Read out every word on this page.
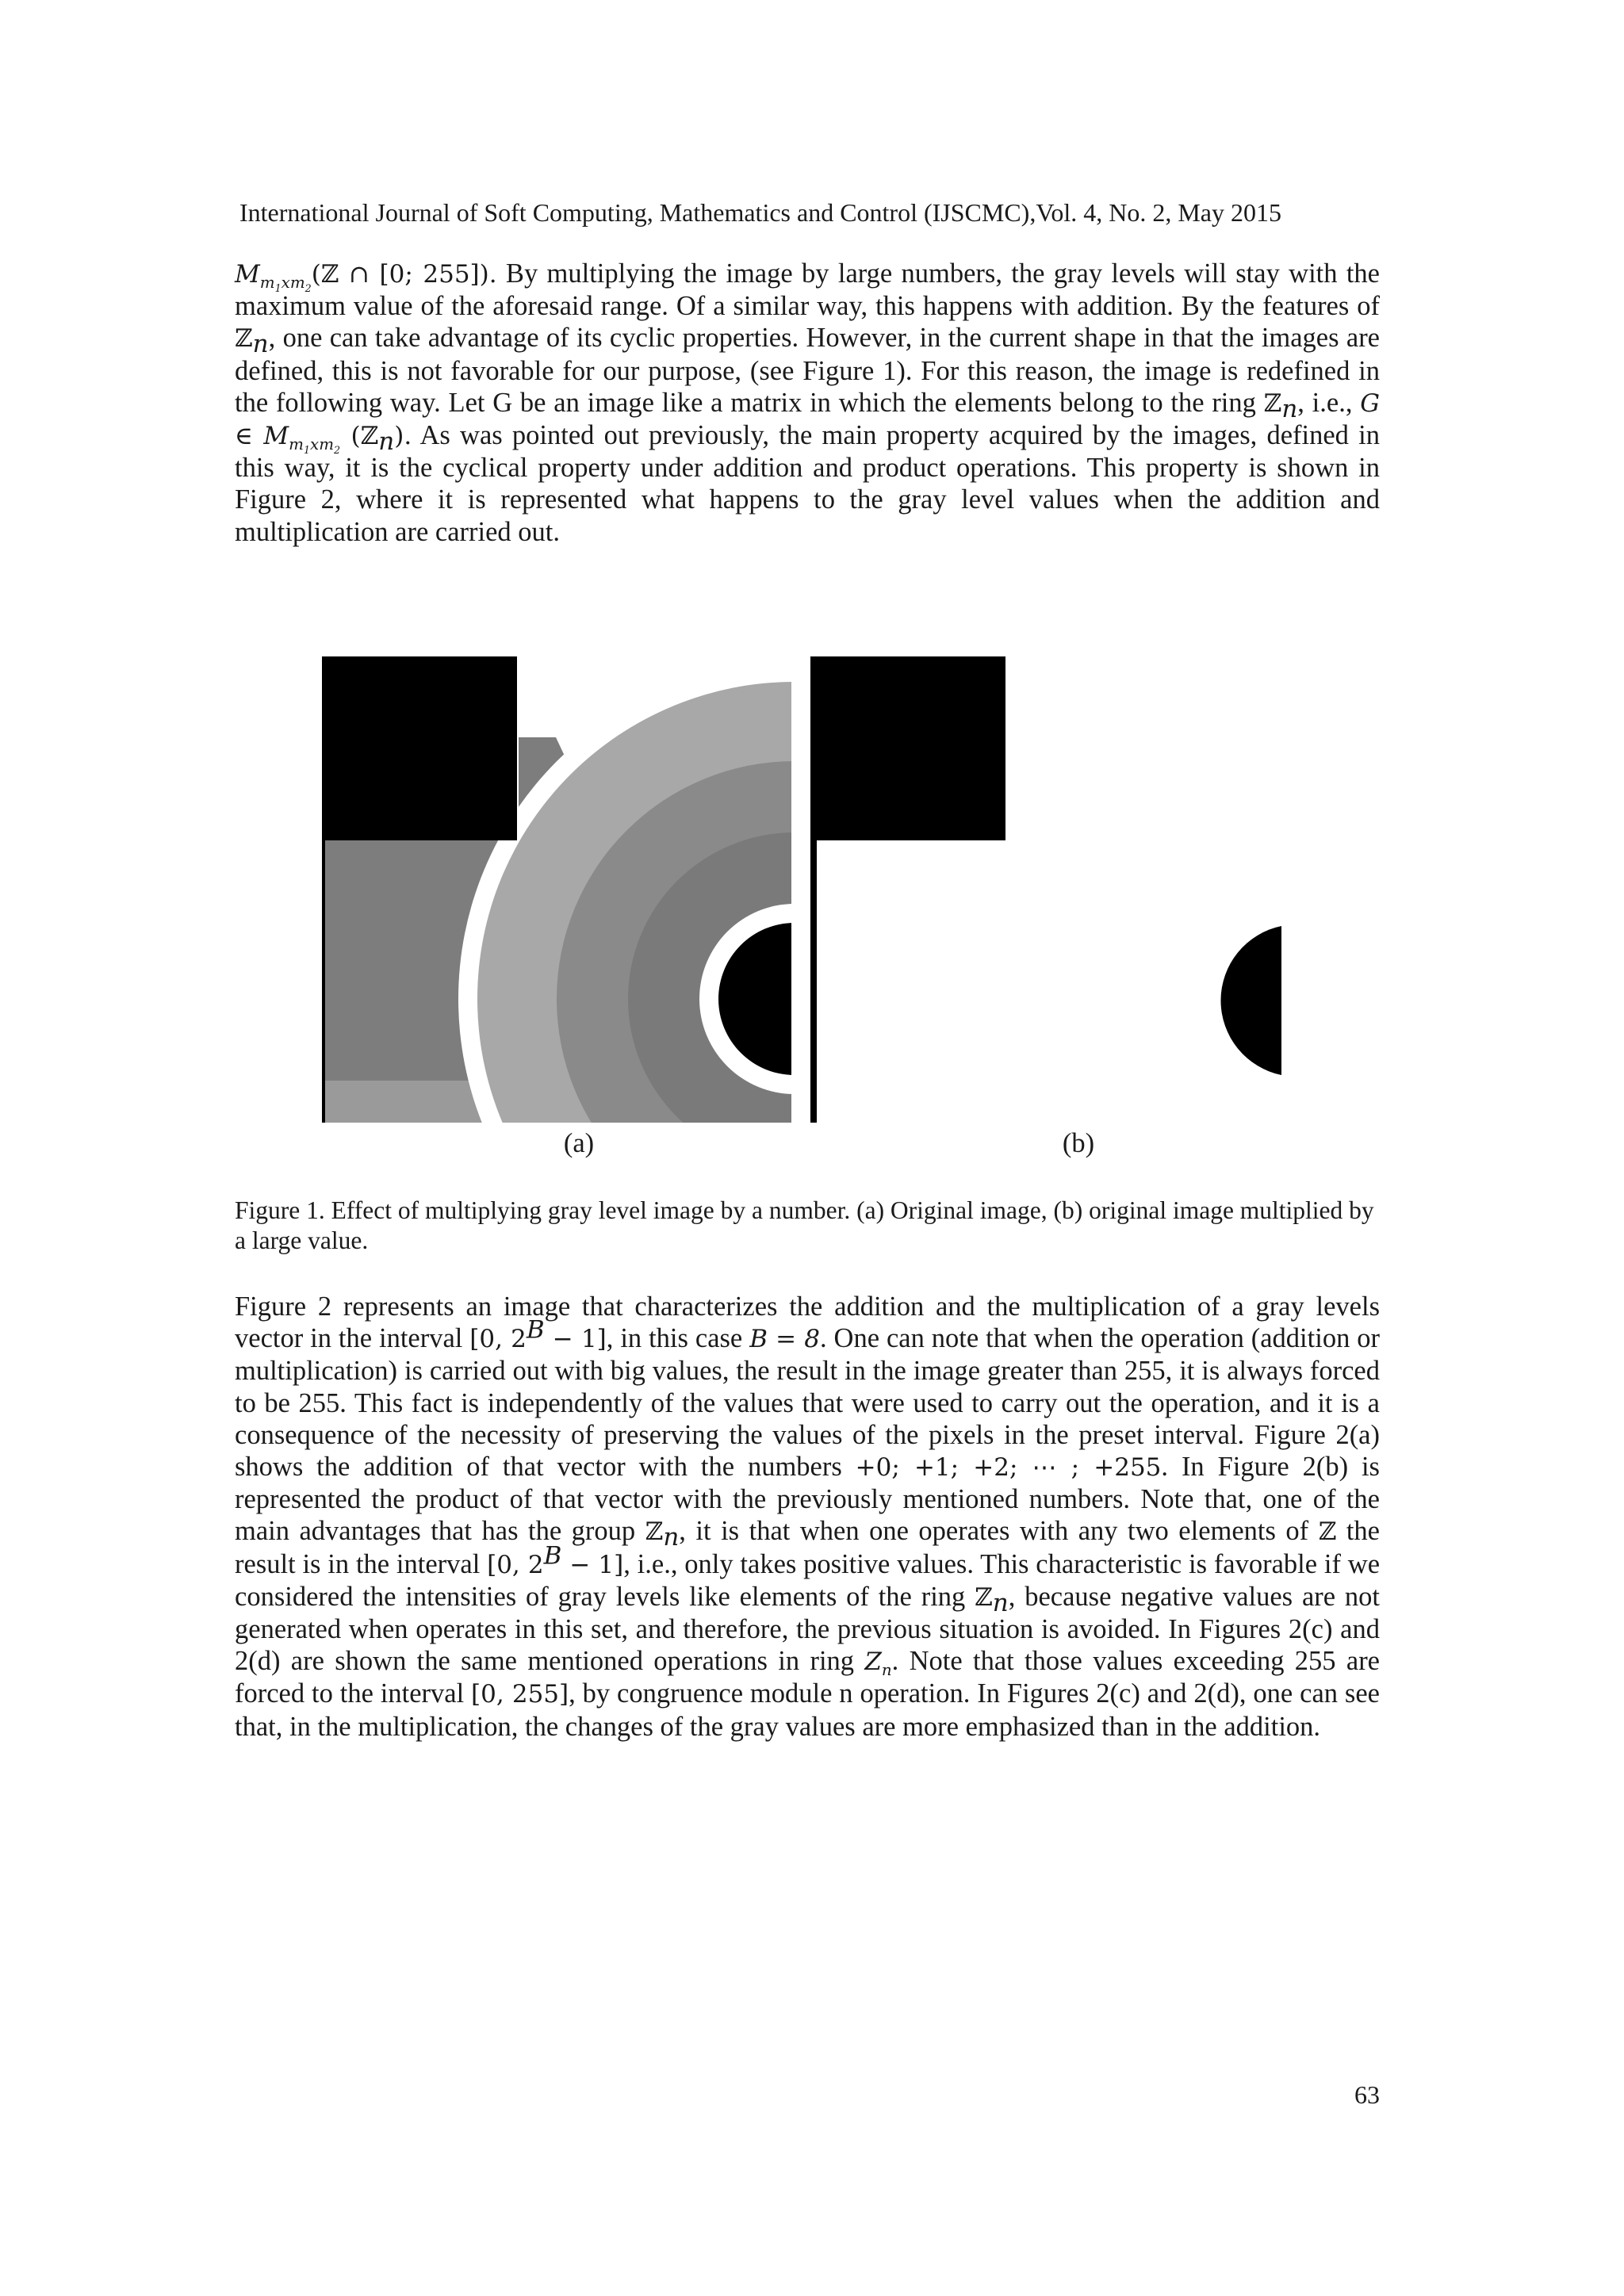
International Journal of Soft Computing, Mathematics and Control (IJSCMC),Vol. 4, No. 2, May 2015

$M_{m_1xm_2}(ℤ$ ∩ [0; 255]). By multiplying the image by large numbers, the gray levels will stay with the maximum value of the aforesaid range. Of a similar way, this happens with addition. By the features of ℤ$_n$, one can take advantage of its cyclic properties. However, in the current shape in that the images are defined, this is not favorable for our purpose, (see Figure 1). For this reason, the image is redefined in the following way. Let G be an image like a matrix in which the elements belong to the ring ℤ$_n$, i.e., G ∈ $M_{m_1xm_2}$ (ℤ$_n$). As was pointed out previously, the main property acquired by the images, defined in this way, it is the cyclical property under addition and product operations. This property is shown in Figure 2, where it is represented what happens to the gray level values when the addition and multiplication are carried out.

(a)	(b)
Figure 1. Effect of multiplying gray level image by a number. (a) Original image, (b) original image multiplied by a large value.

Figure 2 represents an image that characterizes the addition and the multiplication of a gray levels vector in the interval [0, $2^B - 1$], in this case B = 8. One can note that when the operation (addition or multiplication) is carried out with big values, the result in the image greater than 255, it is always forced to be 255. This fact is independently of the values that were used to carry out the operation, and it is a consequence of the necessity of preserving the values of the pixels in the preset interval. Figure 2(a) shows the addition of that vector with the numbers +0; +1; +2; ⋯ ; +255. In Figure 2(b) is represented the product of that vector with the previously mentioned numbers. Note that, one of the main advantages that has the group ℤ$_n$, it is that when one operates with any two elements of ℤ the result is in the interval [0, $2^B - 1$], i.e., only takes positive values. This characteristic is favorable if we considered the intensities of gray levels like elements of the ring ℤ$_n$, because negative values are not generated when operates in this set, and therefore, the previous situation is avoided. In Figures 2(c) and 2(d) are shown the same mentioned operations in ring $Z_n$. Note that those values exceeding 255 are forced to the interval [0, 255], by congruence module n operation. In Figures 2(c) and 2(d), one can see that, in the multiplication, the changes of the gray values are more emphasized than in the addition.

63
